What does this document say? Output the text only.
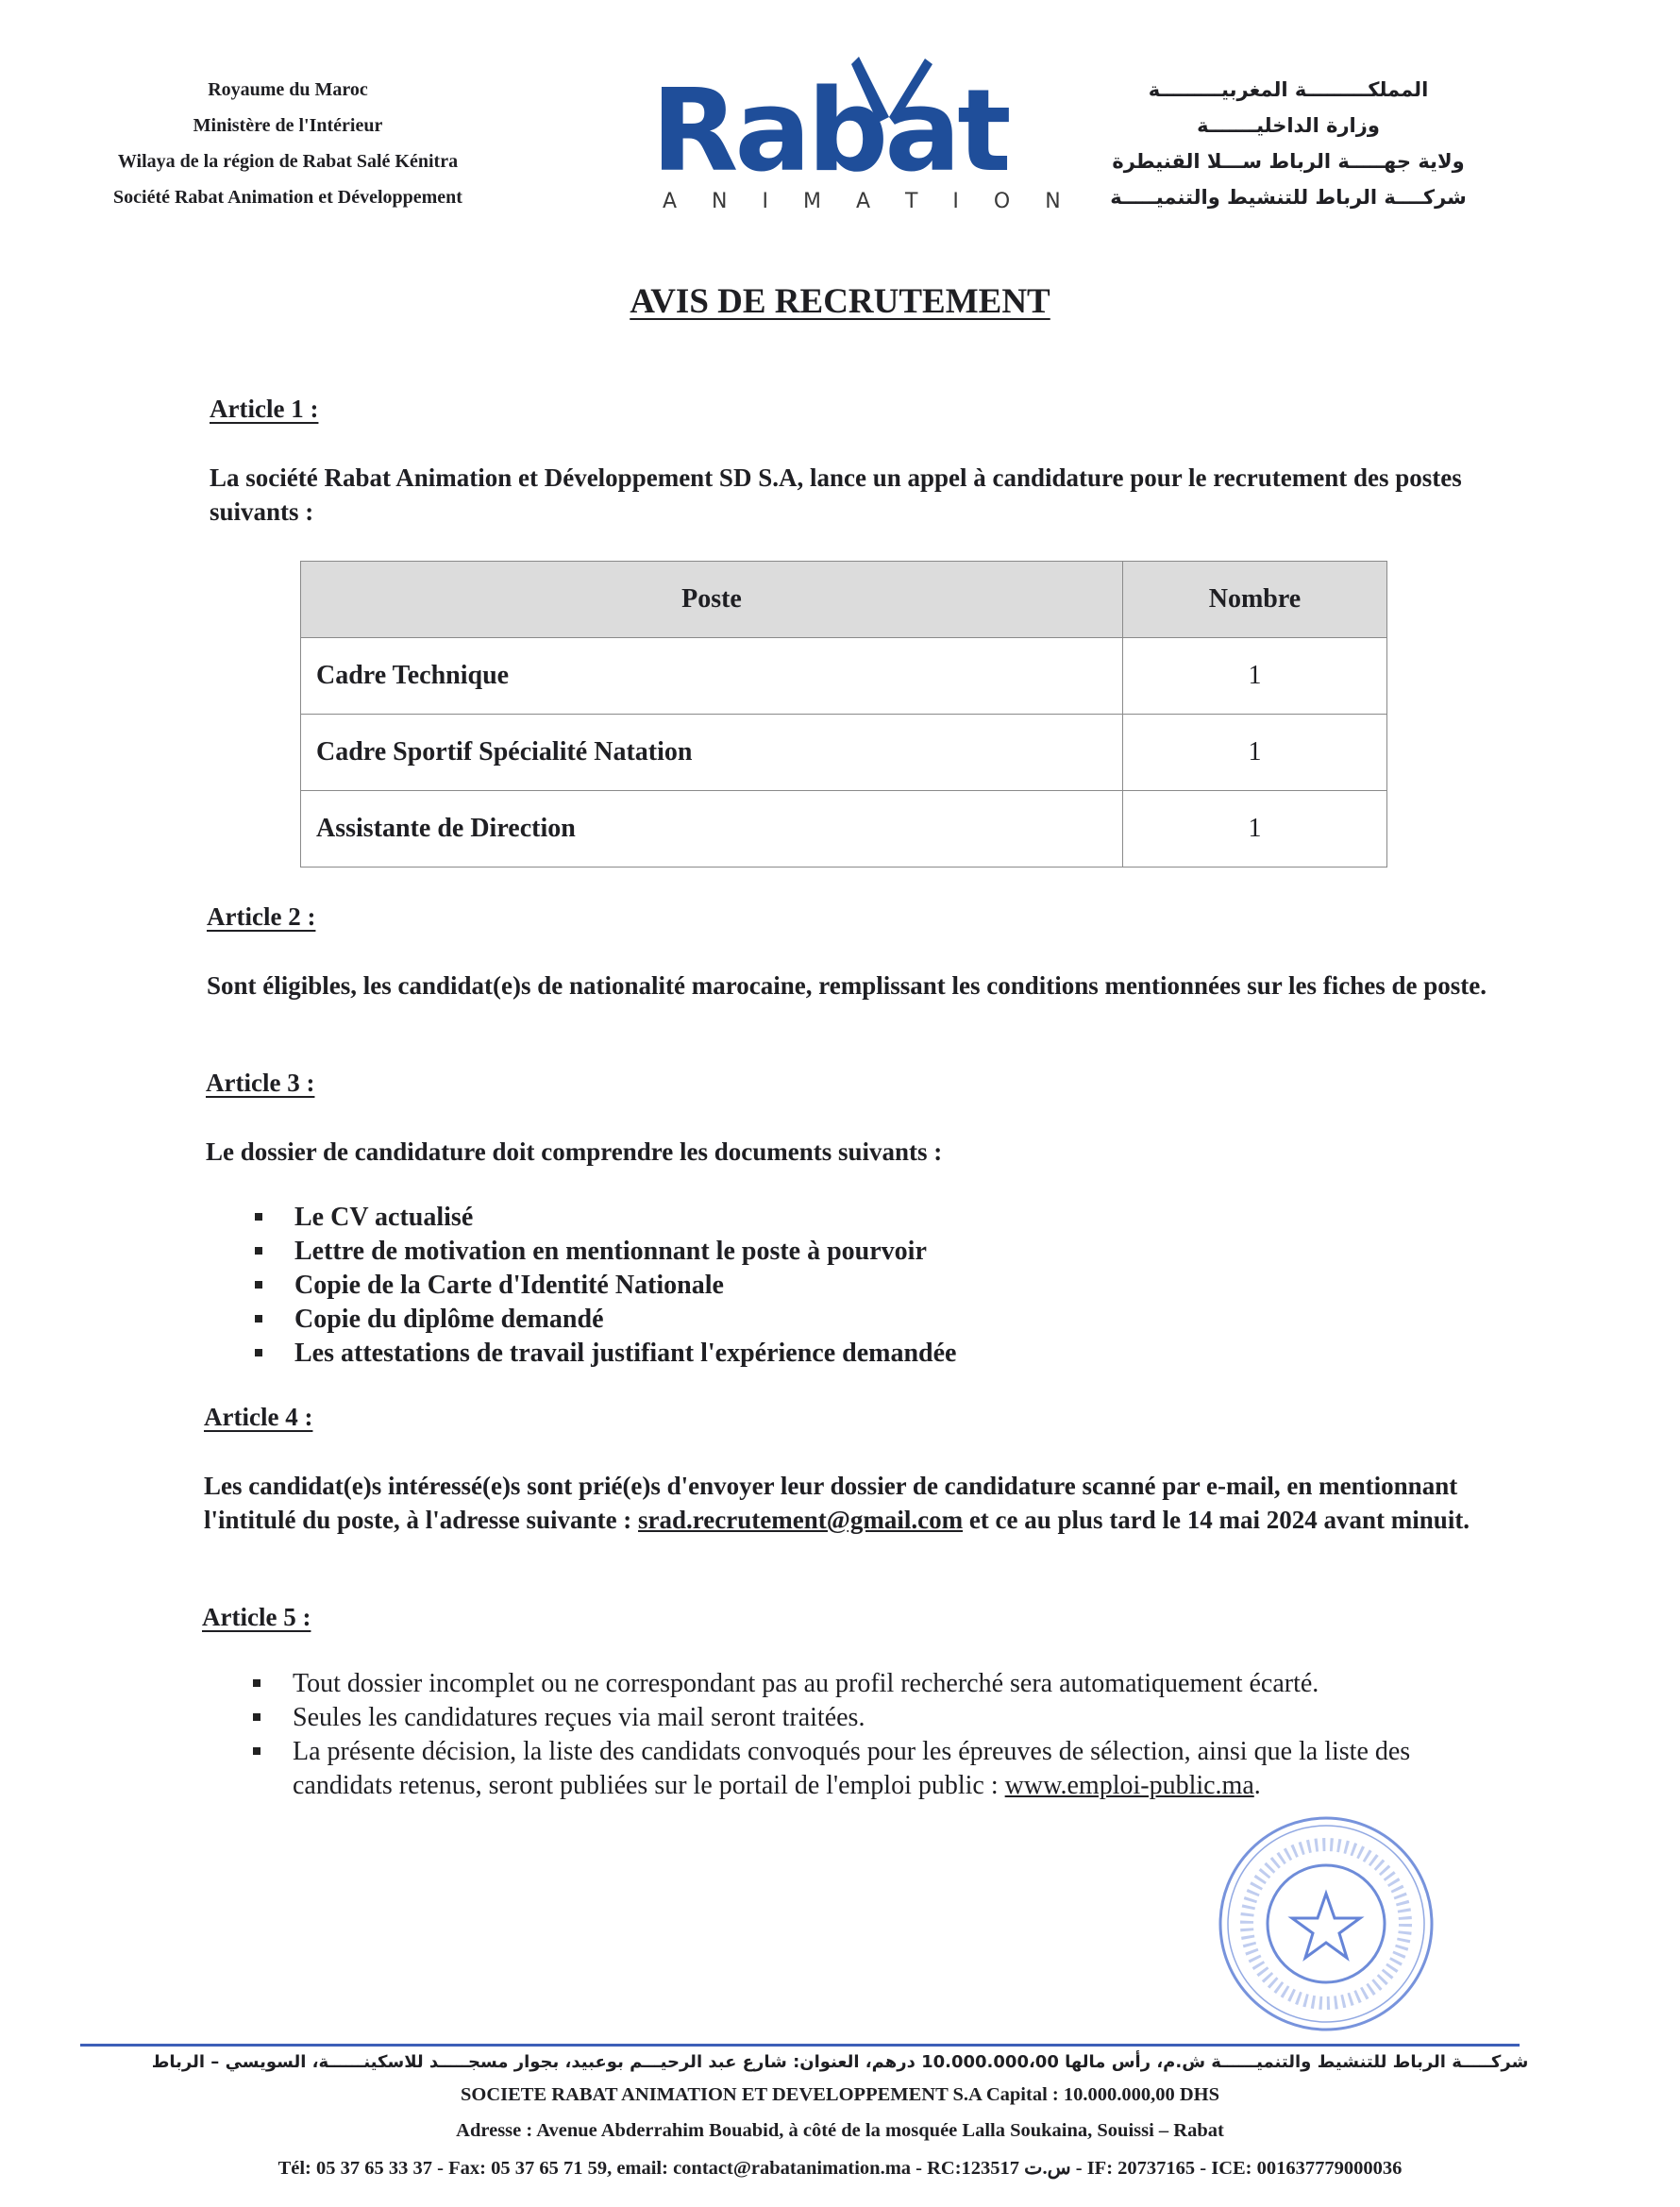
Royaume du Maroc
Ministère de l'Intérieur
Wilaya de la région de Rabat Salé Kénitra
Société Rabat Animation et Développement	Rabat
A N I M A T I O N
المملكـــــــــة المغربيـــــــــة
وزارة الداخليـــــــة
ولاية جهـــــة الرباط ســـلا القنيطرة
شركــــة الرباط للتنشيط والتنميـــــة
AVIS DE RECRUTEMENT
Article 1 :
La société Rabat Animation et Développement SD S.A, lance un appel à candidature pour le recrutement des postes suivants :
Poste	Nombre
Cadre Technique	1
Cadre Sportif Spécialité Natation	1
Assistante de Direction	1
Article 2 :
Sont éligibles, les candidat(e)s de nationalité marocaine, remplissant les conditions mentionnées sur les fiches de poste.
Article 3 :
Le dossier de candidature doit comprendre les documents suivants :
Le CV actualisé
Lettre de motivation en mentionnant le poste à pourvoir
Copie de la Carte d'Identité Nationale
Copie du diplôme demandé
Les attestations de travail justifiant l'expérience demandée
Article 4 :
Les candidat(e)s intéressé(e)s sont prié(e)s d'envoyer leur dossier de candidature scanné par e-mail, en mentionnant l'intitulé du poste, à l'adresse suivante : srad.recrutement@gmail.com et ce au plus tard le 14 mai 2024 avant minuit.
Article 5 :
Tout dossier incomplet ou ne correspondant pas au profil recherché sera automatiquement écarté.
Seules les candidatures reçues via mail seront traitées.
La présente décision, la liste des candidats convoqués pour les épreuves de sélection, ainsi que la liste des candidats retenus, seront publiées sur le portail de l'emploi public : www.emploi-public.ma.
شركـــــة الرباط للتنشيط والتنميــــــة ش.م، رأس مالها 10.000.000،00 درهم، العنوان: شارع عبد الرحيـــم بوعبيد، بجوار مسجـــــد للاسكينــــــة، السويسي – الرباط
SOCIETE RABAT ANIMATION ET DEVELOPPEMENT S.A Capital : 10.000.000,00 DHS
Adresse : Avenue Abderrahim Bouabid, à côté de la mosquée Lalla Soukaina, Souissi – Rabat
Tél: 05 37 65 33 37 - Fax: 05 37 65 71 59, email: contact@rabatanimation.ma - RC:123517 س.ت - IF: 20737165 - ICE: 001637779000036
